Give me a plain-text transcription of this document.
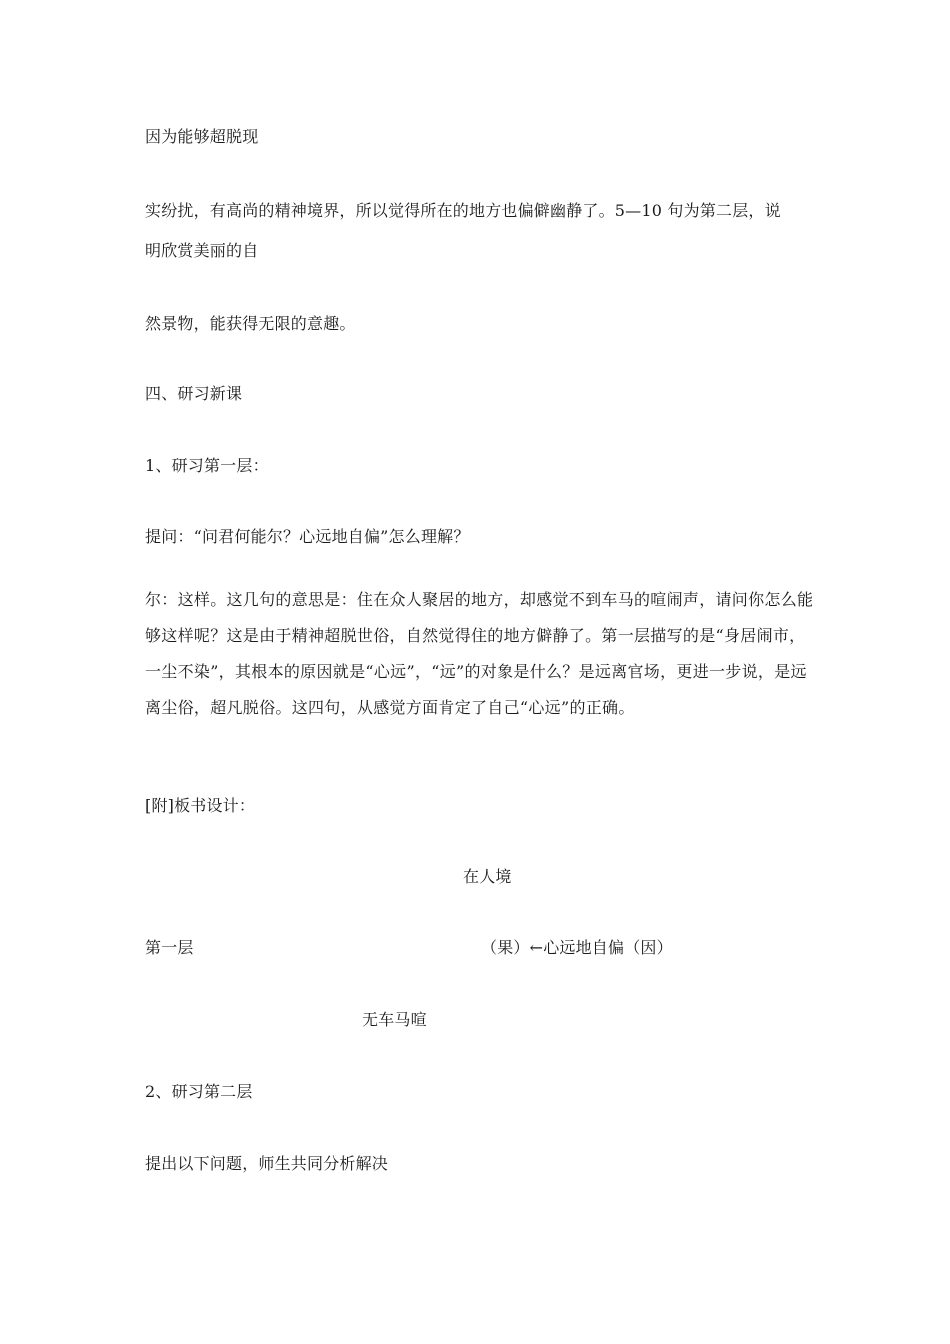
因为能够超脱现
实纷扰，有高尚的精神境界，所以觉得所在的地方也偏僻幽静了。5—10 句为第二层，说
明欣赏美丽的自
然景物，能获得无限的意趣。
四、研习新课
1、研习第一层：
提问：“问君何能尔？心远地自偏”怎么理解？
尔：这样。这几句的意思是：住在众人聚居的地方，却感觉不到车马的喧闹声，请问你怎么能够这样呢？这是由于精神超脱世俗，自然觉得住的地方僻静了。第一层描写的是“身居闹市，一尘不染”，其根本的原因就是“心远”，“远”的对象是什么？是远离官场，更进一步说，是远离尘俗，超凡脱俗。这四句，从感觉方面肯定了自己“心远”的正确。
[附]板书设计：
在人境
第一层	（果）←心远地自偏（因）
无车马喧
2、研习第二层
提出以下问题，师生共同分析解决
